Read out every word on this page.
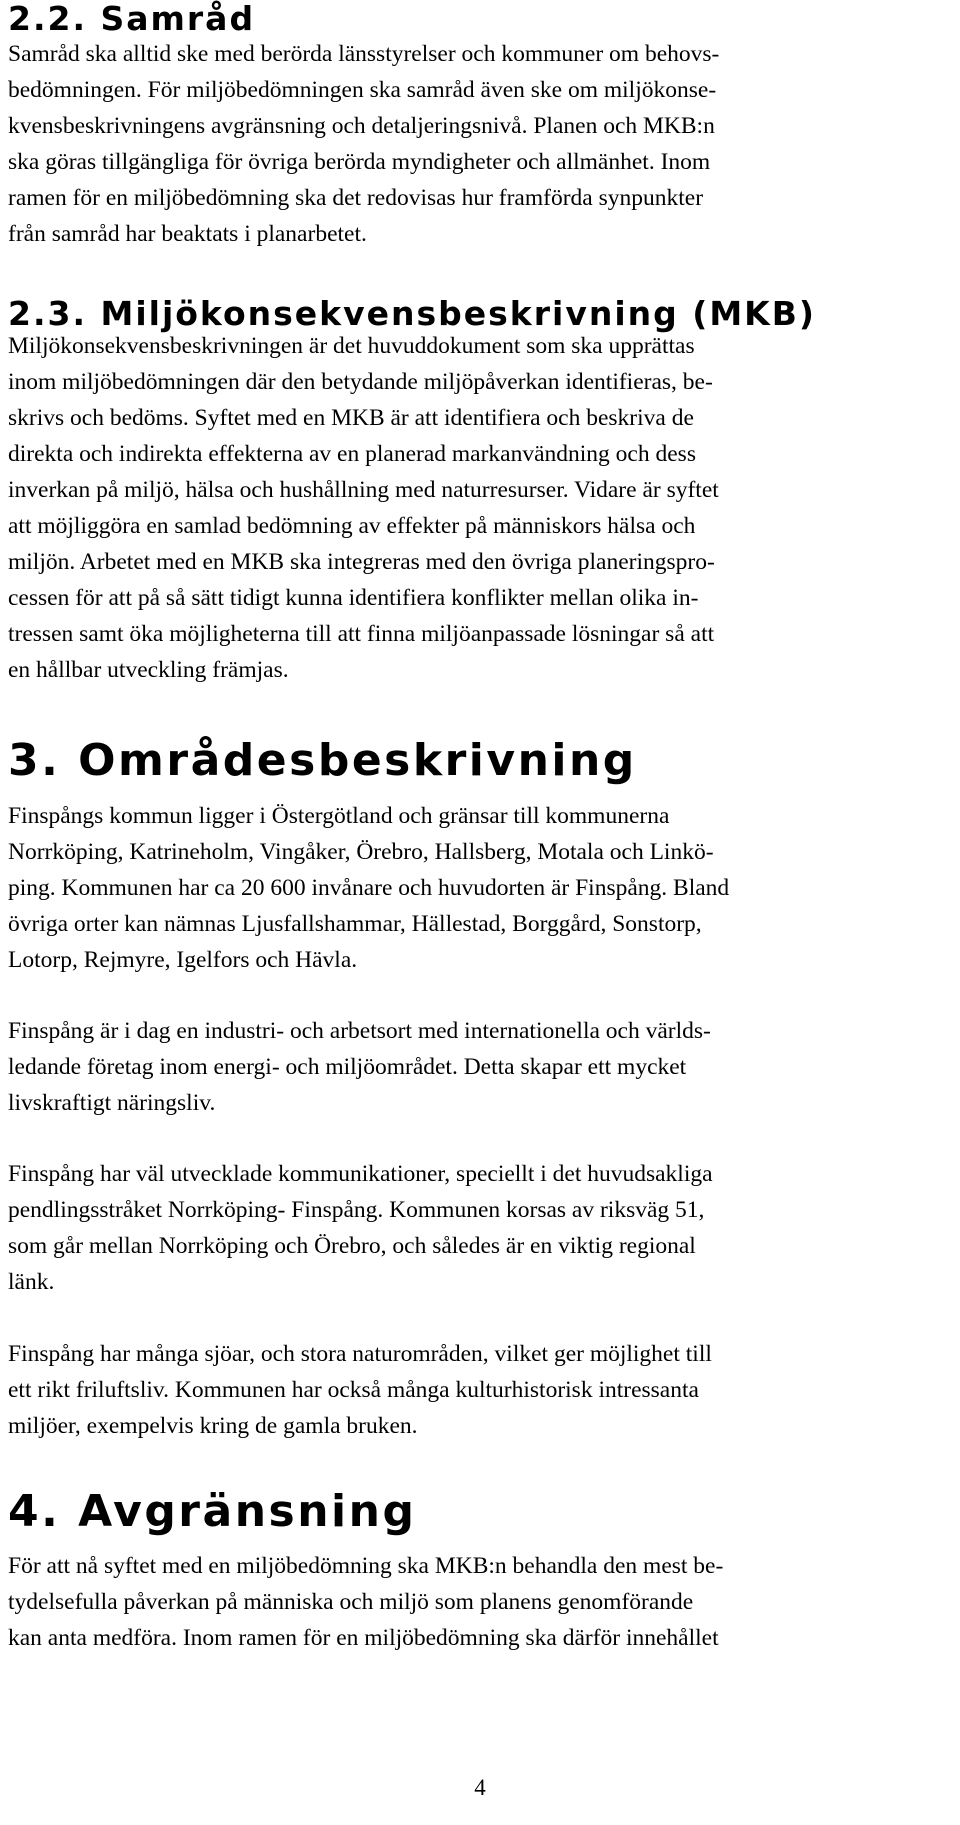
2.2. Samråd

Samråd ska alltid ske med berörda länsstyrelser och kommuner om behovs-
bedömningen. För miljöbedömningen ska samråd även ske om miljökonse-
kvensbeskrivningens avgränsning och detaljeringsnivå. Planen och MKB:n
ska göras tillgängliga för övriga berörda myndigheter och allmänhet. Inom
ramen för en miljöbedömning ska det redovisas hur framförda synpunkter
från samråd har beaktats i planarbetet.

2.3. Miljökonsekvensbeskrivning (MKB)

Miljökonsekvensbeskrivningen är det huvuddokument som ska upprättas
inom miljöbedömningen där den betydande miljöpåverkan identifieras, be-
skrivs och bedöms. Syftet med en MKB är att identifiera och beskriva de
direkta och indirekta effekterna av en planerad markanvändning och dess
inverkan på miljö, hälsa och hushållning med naturresurser. Vidare är syftet
att möjliggöra en samlad bedömning av effekter på människors hälsa och
miljön. Arbetet med en MKB ska integreras med den övriga planeringspro-
cessen för att på så sätt tidigt kunna identifiera konflikter mellan olika in-
tressen samt öka möjligheterna till att finna miljöanpassade lösningar så att
en hållbar utveckling främjas.

3. Områdesbeskrivning

Finspångs kommun ligger i Östergötland och gränsar till kommunerna
Norrköping, Katrineholm, Vingåker, Örebro, Hallsberg, Motala och Linkö-
ping. Kommunen har ca 20 600 invånare och huvudorten är Finspång. Bland
övriga orter kan nämnas Ljusfallshammar, Hällestad, Borggård, Sonstorp,
Lotorp, Rejmyre, Igelfors och Hävla.

Finspång är i dag en industri- och arbetsort med internationella och världs-
ledande företag inom energi- och miljöområdet. Detta skapar ett mycket
livskraftigt näringsliv.

Finspång har väl utvecklade kommunikationer, speciellt i det huvudsakliga
pendlingsstråket Norrköping- Finspång. Kommunen korsas av riksväg 51,
som går mellan Norrköping och Örebro, och således är en viktig regional
länk.

Finspång har många sjöar, och stora naturområden, vilket ger möjlighet till
ett rikt friluftsliv. Kommunen har också många kulturhistorisk intressanta
miljöer, exempelvis kring de gamla bruken.

4. Avgränsning

För att nå syftet med en miljöbedömning ska MKB:n behandla den mest be-
tydelsefulla påverkan på människa och miljö som planens genomförande
kan anta medföra. Inom ramen för en miljöbedömning ska därför innehållet

4
